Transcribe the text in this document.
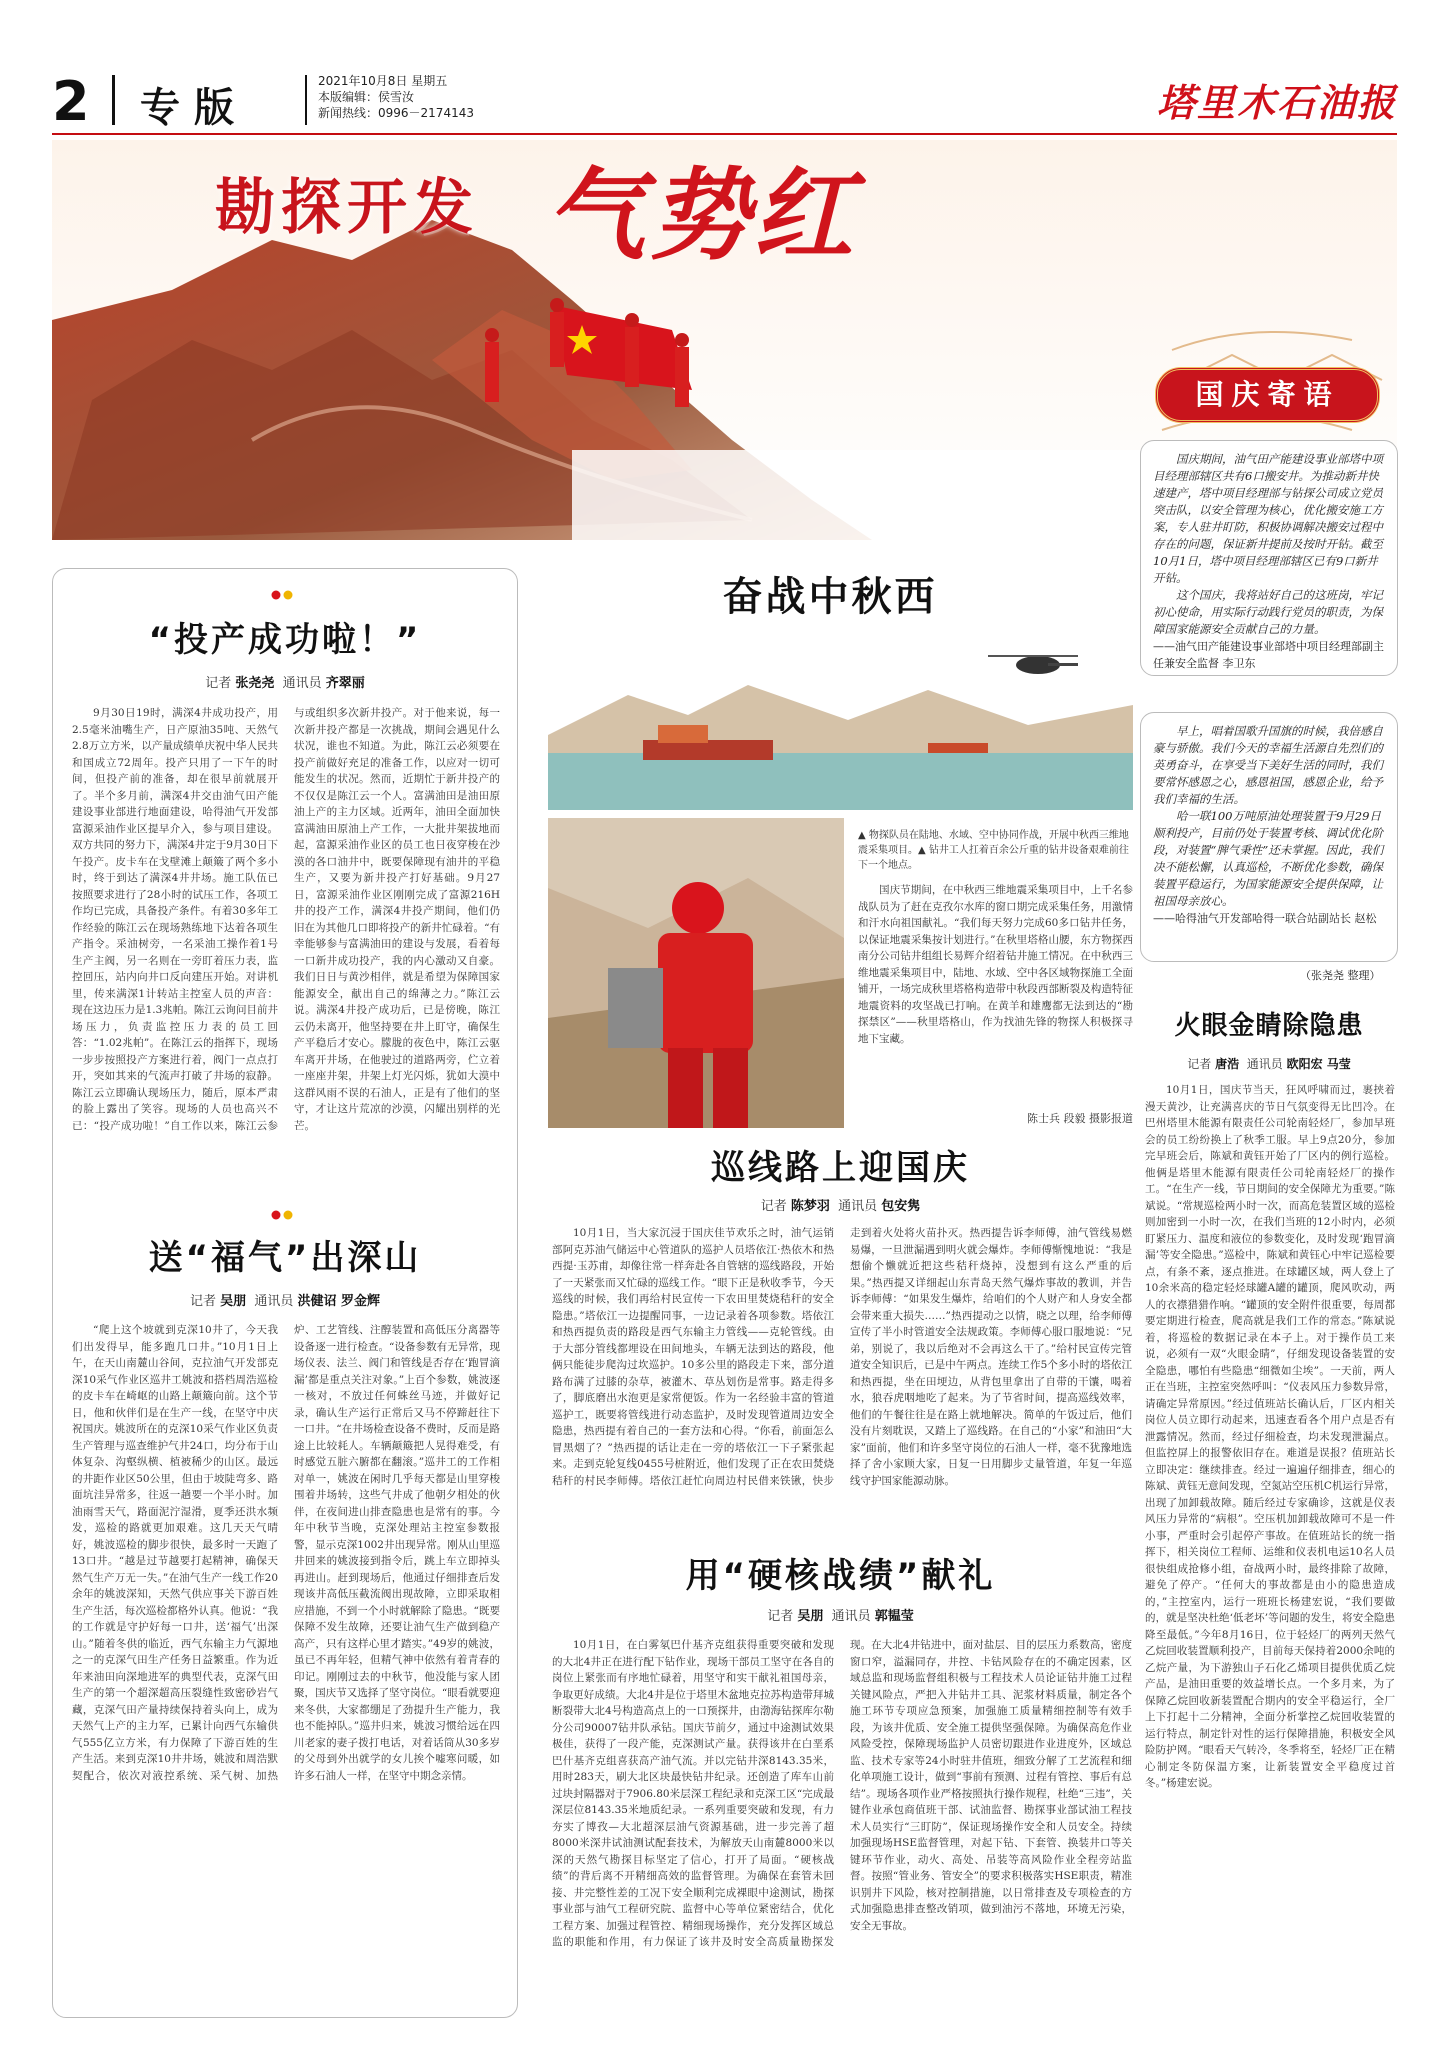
2 专版
2021年10月8日 星期五
本版编辑：侯雪汝
新闻热线：0996－2174143	塔里木石油报
勘探开发 气势红
国庆寄语

国庆期间，油气田产能建设事业部塔中项目经理部辖区共有6口搬安井。为推动新井快速建产，塔中项目经理部与钻探公司成立党员突击队，以安全管理为核心，优化搬安施工方案，专人驻井盯防，积极协调解决搬安过程中存在的问题，保证新井提前及按时开钻。截至10月1日，塔中项目经理部辖区已有9口新井开钻。

这个国庆，我将站好自己的这班岗，牢记初心使命，用实际行动践行党员的职责，为保障国家能源安全贡献自己的力量。

——油气田产能建设事业部塔中项目经理部副主任兼安全监督 李卫东

早上，唱着国歌升国旗的时候，我倍感自豪与骄傲。我们今天的幸福生活源自先烈们的英勇奋斗，在享受当下美好生活的同时，我们要常怀感恩之心，感恩祖国，感恩企业，给予我们幸福的生活。

哈一联100万吨原油处理装置于9月29日顺利投产，目前仍处于装置考核、调试优化阶段，对装置“脾气秉性”还未掌握。因此，我们决不能松懈，认真巡检，不断优化参数，确保装置平稳运行，为国家能源安全提供保障，让祖国母亲放心。

——哈得油气开发部哈得一联合站副站长 赵松

（张尧尧 整理）
“投产成功啦！”
记者 张尧尧 通讯员 齐翠丽
9月30日19时，满深4井成功投产，用2.5毫米油嘴生产，日产原油35吨、天然气2.8万立方米，以产量成绩单庆祝中华人民共和国成立72周年。投产只用了一下午的时间，但投产前的准备，却在很早前就展开了。半个多月前，满深4井交由油气田产能建设事业部进行地面建设，哈得油气开发部富源采油作业区提早介入，参与项目建设。双方共同的努力下，满深4井定于9月30日下午投产。皮卡车在戈壁滩上颠簸了两个多小时，终于到达了满深4井井场。施工队伍已按照要求进行了28小时的试压工作，各项工作均已完成，具备投产条件。有着30多年工作经验的陈江云在现场熟练地下达着各项生产指令。采油树旁，一名采油工操作着1号生产主阀，另一名则在一旁盯着压力表，监控回压，站内向井口反向建压开始。对讲机里，传来满深1计转站主控室人员的声音：现在这边压力是1.3兆帕。陈江云询问目前井场压力，负责监控压力表的员工回答：“1.02兆帕”。在陈江云的指挥下，现场一步步按照投产方案进行着，阀门一点点打开，突如其来的气流声打破了井场的寂静。陈江云立即确认现场压力，随后，原本严肃的脸上露出了笑容。现场的人员也高兴不已：“投产成功啦！”自工作以来，陈江云参与或组织多次新井投产。对于他来说，每一次新井投产都是一次挑战，期间会遇见什么状况，谁也不知道。为此，陈江云必须要在投产前做好充足的准备工作，以应对一切可能发生的状况。然而，近期忙于新井投产的不仅仅是陈江云一个人。富满油田是油田原油上产的主力区域。近两年，油田全面加快富满油田原油上产工作，一大批井架拔地而起，富源采油作业区的员工也日夜穿梭在沙漠的各口油井中，既要保障现有油井的平稳生产，又要为新井投产打好基础。9月27日，富源采油作业区刚刚完成了富源216H井的投产工作，满深4井投产期间，他们仍旧在为其他几口即将投产的新井忙碌着。“有幸能够参与富满油田的建设与发展，看着每一口新井成功投产，我的内心激动又自豪。我们日日与黄沙相伴，就是希望为保障国家能源安全，献出自己的绵薄之力。”陈江云说。满深4井投产成功后，已是傍晚，陈江云仍未离开，他坚持要在井上盯守，确保生产平稳后才安心。朦胧的夜色中，陈江云驱车离开井场，在他驶过的道路两旁，伫立着一座座井架，井架上灯光闪烁，犹如大漠中这群风雨不误的石油人，正是有了他们的坚守，才让这片荒凉的沙漠，闪耀出别样的光芒。
送“福气”出深山
记者 吴朋 通讯员 洪健诏 罗金辉
“爬上这个坡就到克深10井了，今天我们出发得早，能多跑几口井。”10月1日上午，在天山南麓山谷间，克拉油气开发部克深10采气作业区巡井工姚波和搭档周浩巡检的皮卡车在崎岖的山路上颠簸向前。这个节日，他和伙伴们是在生产一线，在坚守中庆祝国庆。姚波所在的克深10采气作业区负责生产管理与巡查维护气井24口，均分布于山体复杂、沟壑纵横、植被稀少的山区。最远的井距作业区50公里，但由于坡陡弯多、路面坑洼异常多，往返一趟要一个半小时。加油雨雪天气，路面泥泞湿滑，夏季还洪水频发，巡检的路就更加艰难。这几天天气晴好，姚波巡检的脚步很快，最多时一天跑了13口井。“越是过节越要打起精神，确保天然气生产万无一失。”在油气生产一线工作20余年的姚波深知，天然气供应事关下游百姓生产生活，每次巡检都格外认真。他说：“我的工作就是守护好每一口井，送‘福气’出深山。”随着冬供的临近，西气东输主力气源地之一的克深气田生产任务日益繁重。作为近年来油田向深地进军的典型代表，克深气田生产的第一个超深超高压裂缝性致密砂岩气藏，克深气田产量持续保持着头向上，成为天然气上产的主力军，已累计向西气东输供气555亿立方米，有力保障了下游百姓的生产生活。来到克深10井井场，姚波和周浩默契配合，依次对液控系统、采气树、加热炉、工艺管线、注醇装置和高低压分离器等设备逐一进行检查。“设备参数有无异常，现场仪表、法兰、阀门和管线是否存在‘跑冒滴漏’都是重点关注对象。”上百个参数，姚波逐一核对，不放过任何蛛丝马迹，并做好记录，确认生产运行正常后又马不停蹄赶往下一口井。“在井场检查设备不费时，反而是路途上比较耗人。车辆颠簸把人晃得难受，有时感觉五脏六腑都在翻滚。”巡井工的工作相对单一，姚波在闲时几乎每天都是山里穿梭围着井场转，这些气井成了他朝夕相处的伙伴，在夜间进山排查隐患也是常有的事。今年中秋节当晚，克深处理站主控室参数报警，显示克深1002井出现异常。刚从山里巡井回来的姚波接到指令后，跳上车立即掉头再进山。赶到现场后，他通过仔细排查后发现该井高低压截流阀出现故障，立即采取相应措施，不到一个小时就解除了隐患。“既要保障不发生故障，还要让油气生产做到稳产高产，只有这样心里才踏实。”49岁的姚波，虽已不再年轻，但精气神中依然有着青春的印记。刚刚过去的中秋节，他没能与家人团聚，国庆节又选择了坚守岗位。“眼看就要迎来冬供，大家都绷足了劲提升生产能力，我也不能掉队。”巡井归来，姚波习惯给远在四川老家的妻子拨打电话，对着话筒从30多岁的父母到外出就学的女儿挨个嘘寒问暖，如许多石油人一样，在坚守中期念亲情。
奋战中秋西
▲ 物探队员在陆地、水域、空中协同作战，开展中秋西三维地震采集项目。▲ 钻井工人扛着百余公斤重的钻井设备艰难前往下一个地点。
国庆节期间，在中秋西三维地震采集项目中，上千名参战队员为了赶在克孜尔水库的窗口期完成采集任务，用激情和汗水向祖国献礼。“我们每天努力完成60多口钻井任务，以保证地震采集按计划进行。”在秋里塔格山腰，东方物探西南分公司钻井组组长易辉介绍着钻井施工情况。在中秋西三维地震采集项目中，陆地、水域、空中各区域物探施工全面铺开，一场完成秋里塔格构造带中秋段西部断裂及构造特征地震资料的攻坚战已打响。在黄羊和雄鹰都无法到达的“勘探禁区”——秋里塔格山，作为找油先锋的物探人积极探寻地下宝藏。
陈士兵 段毅 摄影报道
巡线路上迎国庆
记者 陈梦羽 通讯员 包安隽
10月1日，当大家沉浸于国庆佳节欢乐之时，油气运销部阿克苏油气储运中心管道队的巡护人员塔依江·热依木和热西提·玉苏甫，却像往常一样奔赴各自管辖的巡线路段，开始了一天紧张而又忙碌的巡线工作。“眼下正是秋收季节，今天巡线的时候，我们再给村民宣传一下农田里焚烧秸秆的安全隐患。”塔依江一边提醒同事，一边记录着各项参数。塔依江和热西提负责的路段是西气东输主力管线——克轮管线。由于大部分管线都埋设在田间地头，车辆无法到达的路段，他俩只能徒步爬沟过坎巡护。10多公里的路段走下来，部分道路布满了过膝的杂草，被灌木、草丛划伤是常事。路走得多了，脚底磨出水泡更是家常便饭。作为一名经验丰富的管道巡护工，既要将管线进行动态监护，及时发现管道周边安全隐患，热西提有着自己的一套方法和心得。“你看，前面怎么冒黑烟了？”热西提的话让走在一旁的塔依江一下子紧张起来。走到克轮复线0455号桩附近，他们发现了正在农田焚烧秸秆的村民李师傅。塔依江赶忙向周边村民借来铁锹，快步走到着火处将火苗扑灭。热西提告诉李师傅，油气管线易燃易爆，一旦泄漏遇到明火就会爆炸。李师傅惭愧地说：“我是想偷个懒就近把这些秸秆烧掉，没想到有这么严重的后果。”热西提又详细起山东青岛天然气爆炸事故的教训，并告诉李师傅：“如果发生爆炸，给咱们的个人财产和人身安全都会带来重大损失……”热西提动之以情，晓之以理，给李师傅宣传了半小时管道安全法规政策。李师傅心服口服地说：“兄弟，别说了，我以后绝对不会再这么干了。”给村民宣传完管道安全知识后，已是中午两点。连续工作5个多小时的塔依江和热西提，坐在田埂边，从背包里拿出了自带的干馕，喝着水，狼吞虎咽地吃了起来。为了节省时间，提高巡线效率，他们的午餐往往是在路上就地解决。简单的午饭过后，他们没有片刻耽误，又踏上了巡线路。在自己的“小家”和油田“大家”面前，他们和许多坚守岗位的石油人一样，毫不犹豫地选择了舍小家顾大家，日复一日用脚步丈量管道，年复一年巡线守护国家能源动脉。
用“硬核战绩”献礼
记者 吴朋 通讯员 郭韫莹
10月1日，在白雾氡巴什基齐克组获得重要突破和发现的大北4井正在进行配下钻作业，现场干部员工坚守在各自的岗位上紧张而有序地忙碌着，用坚守和实干献礼祖国母亲，争取更好成绩。大北4井是位于塔里木盆地克拉苏构造带拜城断裂带大北4号构造高点上的一口预探井，由渤海钻探库尔勒分公司90007钻井队承钻。国庆节前夕，通过中途测试效果极佳，获得了一段产能，克深测试产量。获得该井在白垩系巴什基齐克组喜获高产油气流。并以完钻井深8143.35米，用时283天，刷大北区块最快钻井纪录。还创造了库车山前过块封隔器对于7906.80米层深工程纪录和克深工区“完成最深层位8143.35米地质纪录。一系列重要突破和发现，有力夯实了博孜—大北超深层油气资源基础，进一步完善了超8000米深井试油测试配套技术，为解放天山南麓8000米以深的天然气勘探目标坚定了信心，打开了局面。“硬核战绩”的背后离不开精细高效的监督管理。为确保在套管未回接、井完整性差的工况下安全顺利完成裸眼中途测试，勘探事业部与油气工程研究院、监督中心等单位紧密结合，优化工程方案、加强过程管控、精细现场操作，充分发挥区域总监的职能和作用，有力保证了该井及时安全高质量勘探发现。在大北4井钻进中，面对盐层、目的层压力系数高，密度窗口窄，溢漏同存，井控、卡钻风险存在的不确定因素，区域总监和现场监督组积极与工程技术人员论证钻井施工过程关键风险点，严把入井钻井工具、泥浆材料质量，制定各个施工环节专项应急预案，加强施工质量精细控制等有效手段，为该井优质、安全施工提供坚强保障。为确保高危作业风险受控，保障现场监护人员密切跟进作业进度外，区域总监、技术专家等24小时驻井值班，细致分解了工艺流程和细化单项施工设计，做到“事前有预测、过程有管控、事后有总结”。现场各项作业严格按照执行操作规程，杜绝“三违”，关键作业承包商值班干部、试油监督、勘探事业部试油工程技术人员实行“三盯防”，保证现场操作安全和人员安全。持续加强现场HSE监督管理，对起下钻、下套管、换装井口等关键环节作业，动火、高处、吊装等高风险作业全程旁站监督。按照“管业务、管安全”的要求积极落实HSE职责，精准识别井下风险，核对控制措施，以日常排查及专项检查的方式加强隐患排查整改销项，做到油污不落地，环境无污染，安全无事故。
火眼金睛除隐患
记者 唐浩 通讯员 欧阳宏 马莹
10月1日，国庆节当天，狂风呼啸而过，裹挟着漫天黄沙，让充满喜庆的节日气氛变得无比凹冷。在巴州塔里木能源有限责任公司轮南轻烃厂，参加早班会的员工纷纷换上了秋季工服。早上9点20分，参加完早班会后，陈斌和黄钰开始了厂区内的例行巡检。他俩是塔里木能源有限责任公司轮南轻烃厂的操作工。“在生产一线，节日期间的安全保障尤为重要。”陈斌说。“常规巡检两小时一次，而高危装置区域的巡检则加密到一小时一次，在我们当班的12小时内，必须盯紧压力、温度和液位的参数变化，及时发现‘跑冒滴漏’等安全隐患。”巡检中，陈斌和黄钰心中牢记巡检要点，有条不紊，逐点推进。在球罐区域，两人登上了10余米高的稳定轻烃球罐A罐的罐顶，爬风吹动，两人的衣襟猎猎作响。“罐顶的安全附件很重要，每周都要定期进行检查，爬高就是我们工作的常态。”陈斌说着，将巡检的数据记录在本子上。对于操作员工来说，必须有一双“火眼金睛”，仔细发现设备装置的安全隐患，哪怕有些隐患“细微如尘埃”。一天前，两人正在当班，主控室突然呼叫：“仪表风压力参数异常，请确定异常原因。”经过值班站长确认后，厂区内相关岗位人员立即行动起来，迅速查看各个用户点是否有泄露情况。然而，经过仔细检查，均未发现泄漏点。但监控屏上的报警依旧存在。难道是误报？值班站长立即决定：继续排查。经过一遍遍仔细排查，细心的陈斌、黄钰无意间发现，空氮站空压机C机运行异常，出现了加卸载故障。随后经过专家确诊，这就是仪表风压力异常的“病根”。空压机加卸载故障可不是一件小事，严重时会引起停产事故。在值班站长的统一指挥下，相关岗位工程师、运维和仪表机电运10名人员很快组成抢修小组，奋战两小时，最终排除了故障，避免了停产。“任何大的事故都是由小的隐患造成的，”主控室内，运行一班班长杨建宏说，“我们要做的，就是坚决杜绝‘低老坏’等问题的发生，将安全隐患降至最低。”今年8月16日，位于轻烃厂的两列天然气乙烷回收装置顺利投产，目前每天保持着2000余吨的乙烷产量，为下游独山子石化乙烯项目提供优质乙烷产品，是油田重要的效益增长点。一个多月来，为了保障乙烷回收新装置配合期内的安全平稳运行，全厂上下打起十二分精神，全面分析掌控乙烷回收装置的运行特点，制定针对性的运行保障措施，积极安全风险防护网。“眼看天气转冷，冬季将至，轻烃厂正在精心制定冬防保温方案，让新装置安全平稳度过首冬。”杨建宏说。
